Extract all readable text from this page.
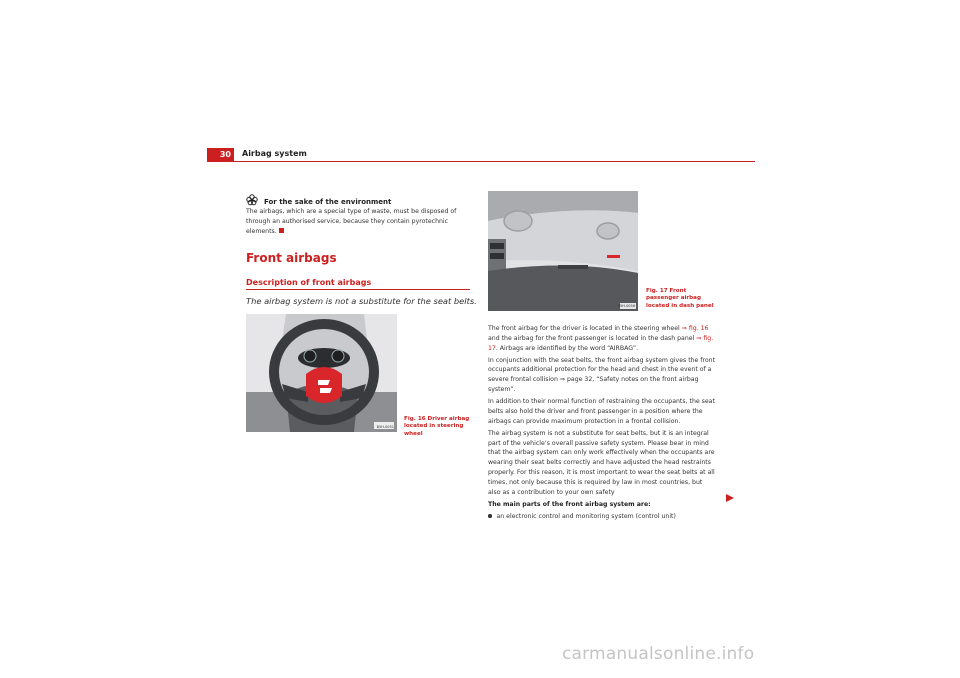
30	Airbag system
For the sake of the environment
The airbags, which are a special type of waste, must be disposed of through an authorised service, because they contain pyrotechnic elements.
Front airbags
Description of front airbags
The airbag system is not a substitute for the seat belts.
B5H-0051
Fig. 16 Driver airbag located in steering wheel
B5H-0056
Fig. 17 Front passenger airbag located in dash panel

The front airbag for the driver is located in the steering wheel ⇒ fig. 16 and the airbag for the front passenger is located in the dash panel ⇒ fig. 17. Airbags are identified by the word “AIRBAG”.

In conjunction with the seat belts, the front airbag system gives the front occupants additional protection for the head and chest in the event of a severe frontal collision ⇒ page 32, “Safety notes on the front airbag system”.

In addition to their normal function of restraining the occupants, the seat belts also hold the driver and front passenger in a position where the airbags can provide maximum protection in a frontal collision.

The airbag system is not a substitute for seat belts, but it is an integral part of the vehicle’s overall passive safety system. Please bear in mind that the airbag system can only work effectively when the occupants are wearing their seat belts correctly and have adjusted the head restraints properly. For this reason, it is most important to wear the seat belts at all times, not only because this is required by law in most countries, but also as a contribution to your own safety

The main parts of the front airbag system are:

an electronic control and monitoring system (control unit)

carmanualsonline.info
